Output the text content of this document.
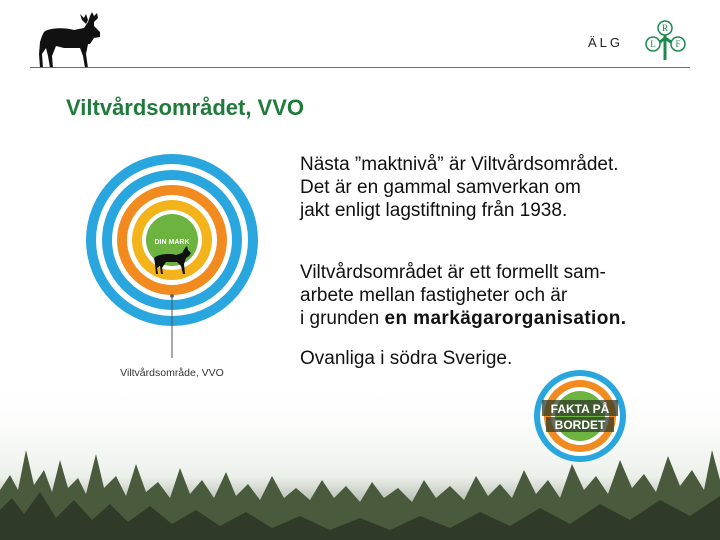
ÄLG
R
L F
Viltvårdsområdet, VVO
DIN MARK
Viltvårdsområde, VVO
Nästa ”maktnivå” är Viltvårdsområdet.
Det är en gammal samverkan om
jakt enligt lagstiftning från 1938.
Viltvårdsområdet är ett formellt sam-
arbete mellan fastigheter och är
i grunden en markägarorganisation.
Ovanliga i södra Sverige.
FAKTA PÅ
BORDET
